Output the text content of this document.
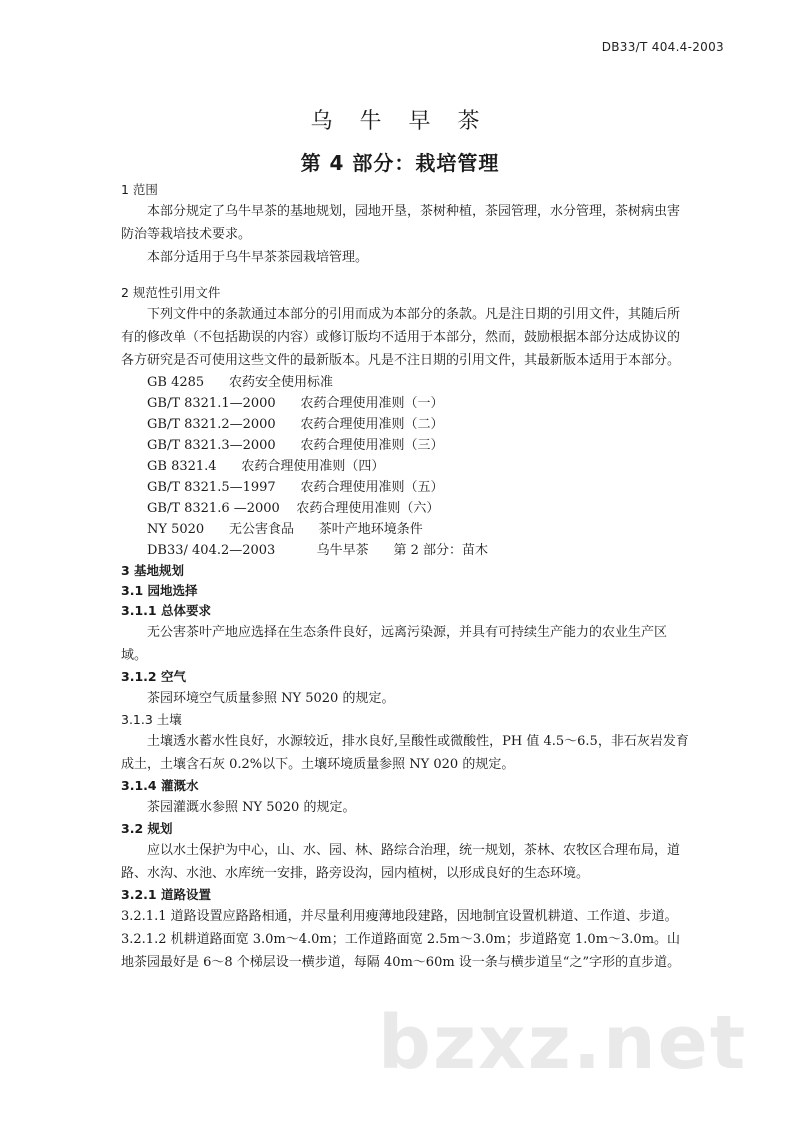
DB33/T 404.4-2003
乌 牛 早 茶
第 4 部分：栽培管理
1 范围

本部分规定了乌牛早茶的基地规划，园地开垦，茶树种植，茶园管理，水分管理，茶树病虫害防治等栽培技术要求。

本部分适用于乌牛早茶茶园栽培管理。

2 规范性引用文件

下列文件中的条款通过本部分的引用而成为本部分的条款。凡是注日期的引用文件，其随后所有的修改单（不包括勘误的内容）或修订版均不适用于本部分，然而，鼓励根据本部分达成协议的各方研究是否可使用这些文件的最新版本。凡是不注日期的引用文件，其最新版本适用于本部分。

GB 4285      农药安全使用标准
GB/T 8321.1—2000      农药合理使用准则（一）
GB/T 8321.2—2000      农药合理使用准则（二）
GB/T 8321.3—2000      农药合理使用准则（三）
GB 8321.4      农药合理使用准则（四）
GB/T 8321.5—1997      农药合理使用准则（五）
GB/T 8321.6 —2000    农药合理使用准则（六）
NY 5020      无公害食品      茶叶产地环境条件
DB33/ 404.2—2003          乌牛早茶      第 2 部分：苗木
3 基地规划
3.1 园地选择
3.1.1 总体要求

无公害茶叶产地应选择在生态条件良好，远离污染源，并具有可持续生产能力的农业生产区域。

3.1.2 空气

茶园环境空气质量参照 NY 5020 的规定。

3.1.3 土壤

土壤透水蓄水性良好，水源较近，排水良好,呈酸性或微酸性，PH 值 4.5～6.5，非石灰岩发育成土，土壤含石灰 0.2%以下。土壤环境质量参照 NY 020 的规定。

3.1.4 灌溉水

茶园灌溉水参照 NY 5020 的规定。

3.2 规划

应以水土保护为中心，山、水、园、林、路综合治理，统一规划，茶林、农牧区合理布局，道路、水沟、水池、水库统一安排，路旁设沟，园内植树，以形成良好的生态环境。

3.2.1 道路设置

3.2.1.1 道路设置应路路相通，并尽量利用瘦薄地段建路，因地制宜设置机耕道、工作道、步道。

3.2.1.2 机耕道路面宽 3.0m～4.0m；工作道路面宽 2.5m～3.0m；步道路宽 1.0m～3.0m。山地茶园最好是 6～8 个梯层设一横步道，每隔 40m～60m 设一条与横步道呈“之”字形的直步道。

bzxz.net
